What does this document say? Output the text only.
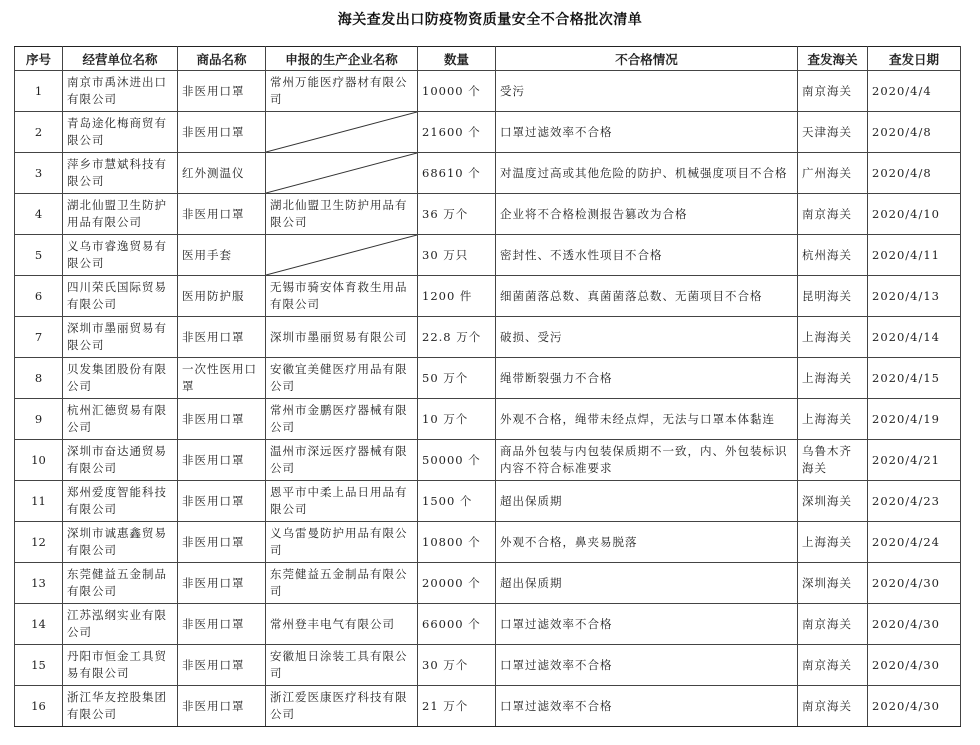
海关查发出口防疫物资质量安全不合格批次清单
序号	经营单位名称	商品名称	申报的生产企业名称	数量	不合格情况	查发海关	查发日期
1	南京市禹沐进出口有限公司	非医用口罩	常州万能医疗器材有限公司	10000 个	受污	南京海关	2020/4/4
2	青岛途化梅商贸有限公司	非医用口罩		21600 个	口罩过滤效率不合格	天津海关	2020/4/8
3	萍乡市慧斌科技有限公司	红外测温仪		68610 个	对温度过高或其他危险的防护、机械强度项目不合格	广州海关	2020/4/8
4	湖北仙盟卫生防护用品有限公司	非医用口罩	湖北仙盟卫生防护用品有限公司	36 万个	企业将不合格检测报告篡改为合格	南京海关	2020/4/10
5	义乌市睿逸贸易有限公司	医用手套		30 万只	密封性、不透水性项目不合格	杭州海关	2020/4/11
6	四川荣氏国际贸易有限公司	医用防护服	无锡市骑安体育救生用品有限公司	1200 件	细菌菌落总数、真菌菌落总数、无菌项目不合格	昆明海关	2020/4/13
7	深圳市墨丽贸易有限公司	非医用口罩	深圳市墨丽贸易有限公司	22.8 万个	破损、受污	上海海关	2020/4/14
8	贝发集团股份有限公司	一次性医用口罩	安徽宜美健医疗用品有限公司	50 万个	绳带断裂强力不合格	上海海关	2020/4/15
9	杭州汇德贸易有限公司	非医用口罩	常州市金鹏医疗器械有限公司	10 万个	外观不合格，绳带未经点焊，无法与口罩本体黏连	上海海关	2020/4/19
10	深圳市奋达通贸易有限公司	非医用口罩	温州市深远医疗器械有限公司	50000 个	商品外包装与内包装保质期不一致，内、外包装标识内容不符合标准要求	乌鲁木齐海关	2020/4/21
11	郑州爱度智能科技有限公司	非医用口罩	恩平市中柔上品日用品有限公司	1500 个	超出保质期	深圳海关	2020/4/23
12	深圳市诚惠鑫贸易有限公司	非医用口罩	义乌雷曼防护用品有限公司	10800 个	外观不合格，鼻夹易脱落	上海海关	2020/4/24
13	东莞健益五金制品有限公司	非医用口罩	东莞健益五金制品有限公司	20000 个	超出保质期	深圳海关	2020/4/30
14	江苏泓纲实业有限公司	非医用口罩	常州登丰电气有限公司	66000 个	口罩过滤效率不合格	南京海关	2020/4/30
15	丹阳市恒金工具贸易有限公司	非医用口罩	安徽旭日涂装工具有限公司	30 万个	口罩过滤效率不合格	南京海关	2020/4/30
16	浙江华友控股集团有限公司	非医用口罩	浙江爱医康医疗科技有限公司	21 万个	口罩过滤效率不合格	南京海关	2020/4/30
